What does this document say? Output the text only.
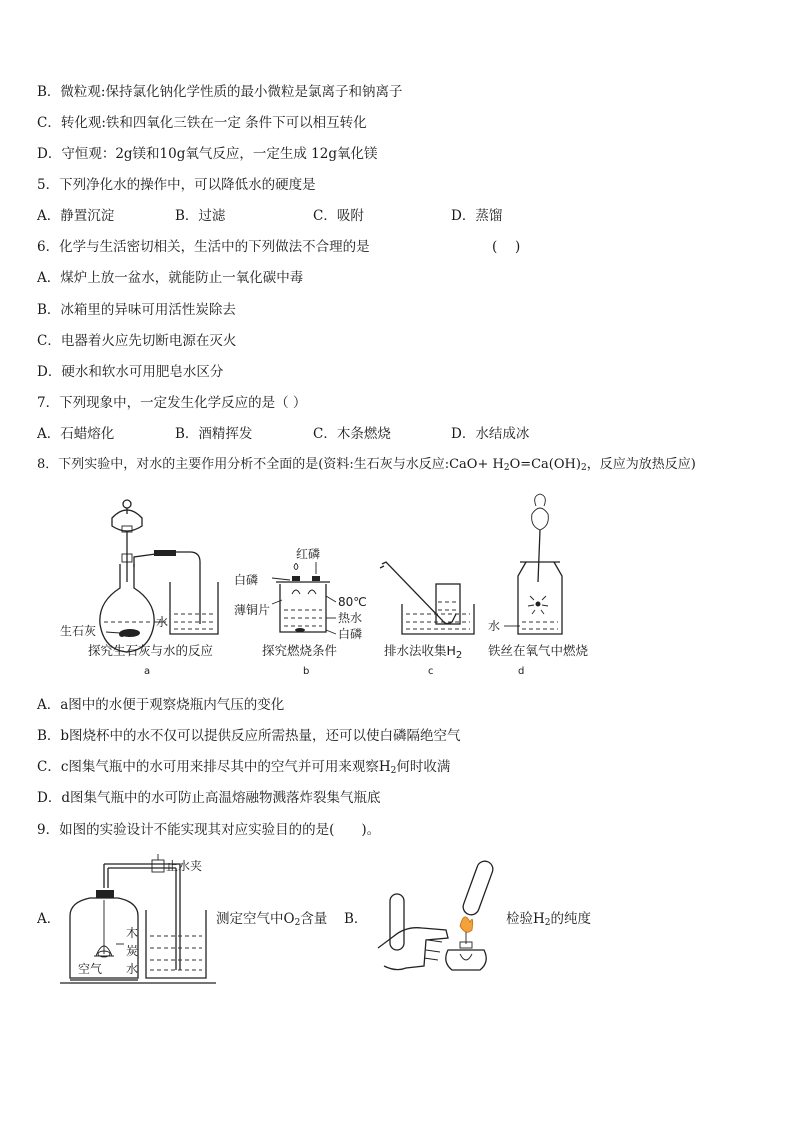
B．微粒观:保持氯化钠化学性质的最小微粒是氯离子和钠离子
C．转化观:铁和四氧化三铁在一定 条件下可以相互转化
D．守恒观：2g镁和10g氧气反应，一定生成 12g氧化镁
5．下列净化水的操作中，可以降低水的硬度是
A．静置沉淀	B．过滤	C．吸附	D．蒸馏
6．化学与生活密切相关，生活中的下列做法不合理的是	(　 )
A．煤炉上放一盆水，就能防止一氧化碳中毒
B．冰箱里的异味可用活性炭除去
C．电器着火应先切断电源在灭火
D．硬水和软水可用肥皂水区分
7．下列现象中，一定发生化学反应的是（ ）
A．石蜡熔化	B．酒精挥发	C．木条燃烧	D．水结成冰
8．下列实验中，对水的主要作用分析不全面的是(资料:生石灰与水反应:CaO+ $H_2O=Ca(OH)_2$，反应为放热反应)
生石灰
水
探究生石灰与水的反应
a
红磷
白磷
薄铜片
80℃
热水
白磷
探究燃烧条件
b
排水法收集$H_2$
c
水
铁丝在氧气中燃烧
d
A．a图中的水便于观察烧瓶内气压的变化
B．b图烧杯中的水不仅可以提供反应所需热量，还可以使白磷隔绝空气
C．c图集气瓶中的水可用来排尽其中的空气并可用来观察$H_2$何时收满
D．d图集气瓶中的水可防止高温熔融物溅落炸裂集气瓶底
9．如图的实验设计不能实现其对应实验目的的是(　　)。
A．
木
炭
水
空气
止水夹
测定空气中$O_2$含量 B．	检验$H_2$的纯度
